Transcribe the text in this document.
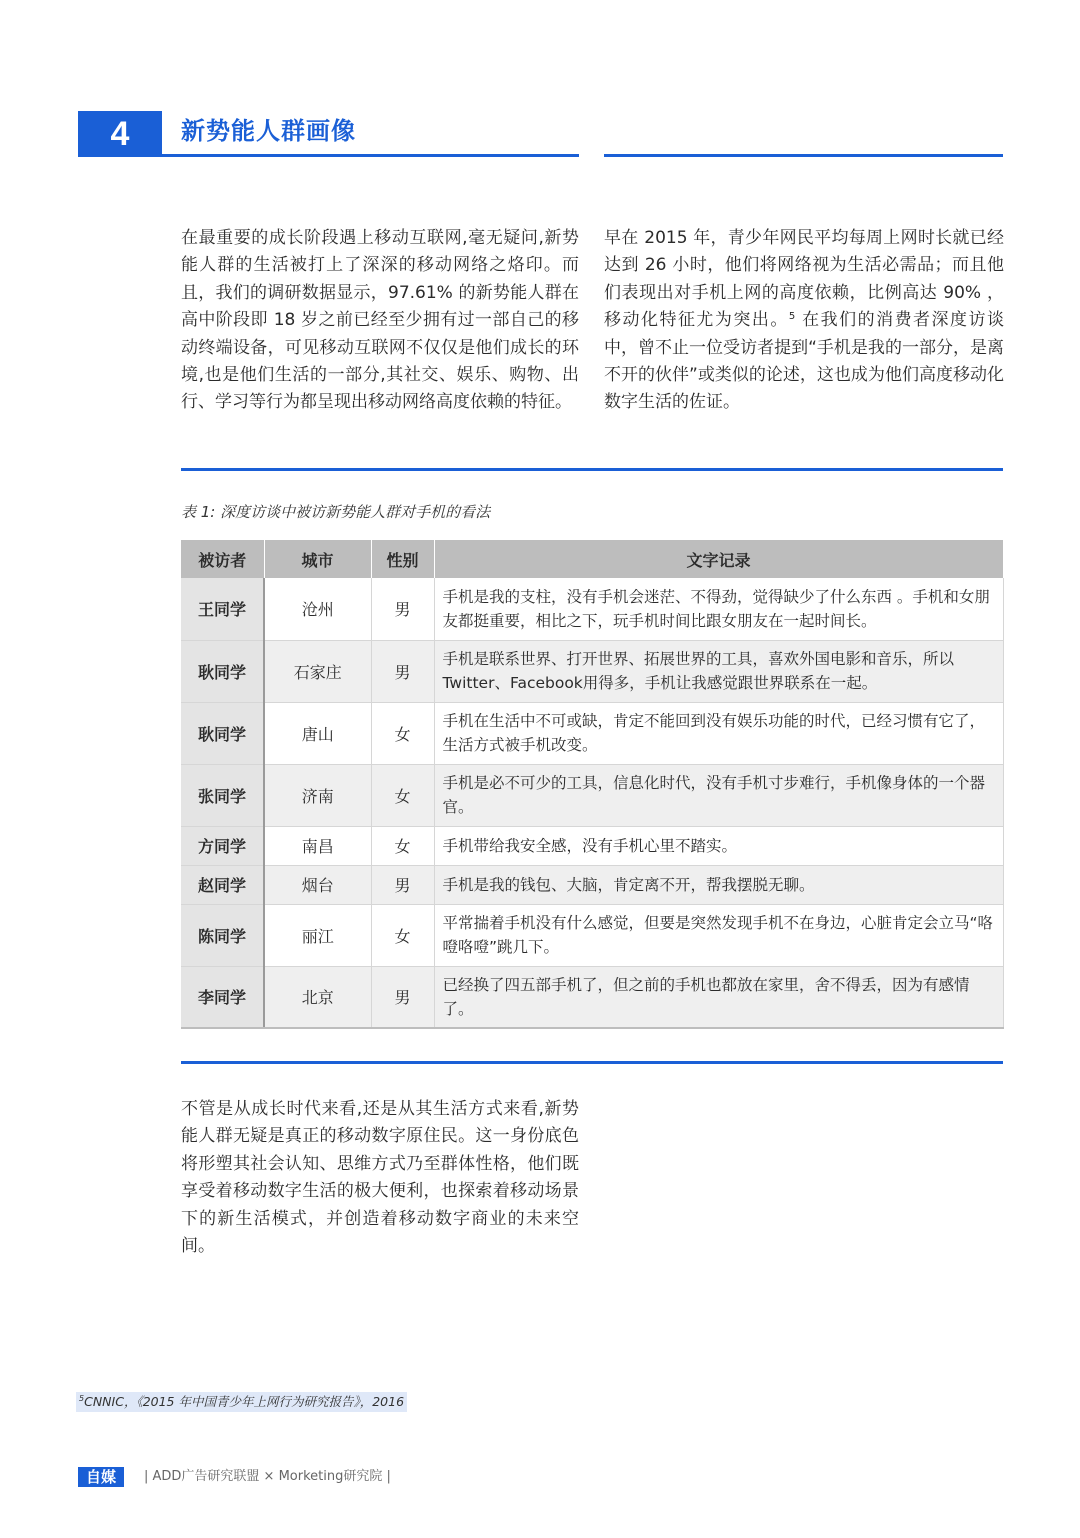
4	新势能人群画像

在最重要的成长阶段遇上移动互联网,毫无疑问,新势能人群的生活被打上了深深的移动网络之烙印。而且，我们的调研数据显示，97.61% 的新势能人群在高中阶段即 18 岁之前已经至少拥有过一部自己的移动终端设备，可见移动互联网不仅仅是他们成长的环境,也是他们生活的一部分,其社交、娱乐、购物、出行、学习等行为都呈现出移动网络高度依赖的特征。

早在 2015 年，青少年网民平均每周上网时长就已经达到 26 小时，他们将网络视为生活必需品；而且他们表现出对手机上网的高度依赖，比例高达 90% ，移动化特征尤为突出。$^5$ 在我们的消费者深度访谈中，曾不止一位受访者提到“手机是我的一部分，是离不开的伙伴”或类似的论述，这也成为他们高度移动化数字生活的佐证。

表 1: 深度访谈中被访新势能人群对手机的看法
被访者	城市	性别	文字记录
王同学	沧州	男	手机是我的支柱，没有手机会迷茫、不得劲，觉得缺少了什么东西 。手机和女朋友都挺重要，相比之下，玩手机时间比跟女朋友在一起时间长。
耿同学	石家庄	男	手机是联系世界、打开世界、拓展世界的工具，喜欢外国电影和音乐，所以Twitter、Facebook用得多，手机让我感觉跟世界联系在一起。
耿同学	唐山	女	手机在生活中不可或缺，肯定不能回到没有娱乐功能的时代，已经习惯有它了， 生活方式被手机改变。
张同学	济南	女	手机是必不可少的工具，信息化时代，没有手机寸步难行，手机像身体的一个器官。
方同学	南昌	女	手机带给我安全感，没有手机心里不踏实。
赵同学	烟台	男	手机是我的钱包、大脑，肯定离不开，帮我摆脱无聊。
陈同学	丽江	女	平常揣着手机没有什么感觉，但要是突然发现手机不在身边，心脏肯定会立马“咯噔咯噔”跳几下。
李同学	北京	男	已经换了四五部手机了，但之前的手机也都放在家里，舍不得丢，因为有感情了。

不管是从成长时代来看,还是从其生活方式来看,新势能人群无疑是真正的移动数字原住民。这一身份底色将形塑其社会认知、思维方式乃至群体性格，他们既享受着移动数字生活的极大便利，也探索着移动场景下的新生活模式，并创造着移动数字商业的未来空间。

$^5$CNNIC，《2015 年中国青少年上网行为研究报告》，2016
自媒	| ADD广告研究联盟 × Morketing研究院 |
